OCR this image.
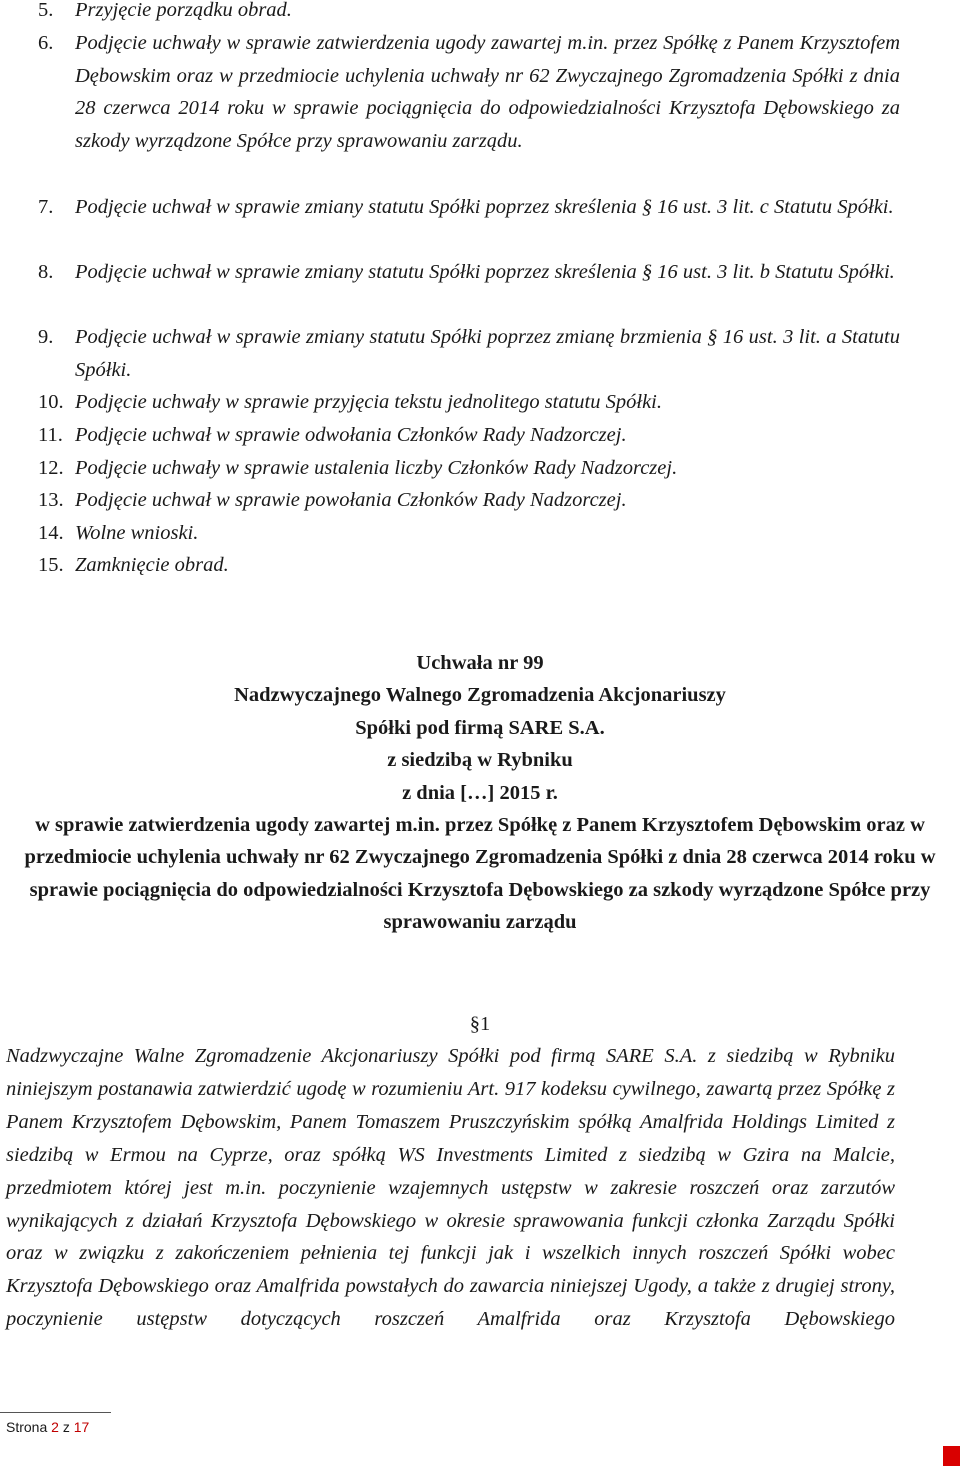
5.	Przyjęcie porządku obrad.
6.	Podjęcie uchwały w sprawie zatwierdzenia ugody zawartej m.in. przez Spółkę z Panem Krzysztofem Dębowskim oraz w przedmiocie uchylenia uchwały nr 62 Zwyczajnego Zgromadzenia Spółki z dnia 28 czerwca 2014 roku w sprawie pociągnięcia do odpowiedzialności Krzysztofa Dębowskiego za szkody wyrządzone Spółce przy sprawowaniu zarządu.
7.	Podjęcie uchwał w sprawie zmiany statutu Spółki poprzez skreślenia § 16 ust. 3 lit. c Statutu Spółki.
8.	Podjęcie uchwał w sprawie zmiany statutu Spółki poprzez skreślenia § 16 ust. 3 lit. b Statutu Spółki.
9.	Podjęcie uchwał w sprawie zmiany statutu Spółki poprzez zmianę brzmienia § 16 ust. 3 lit. a Statutu Spółki.
10. Podjęcie uchwały w sprawie przyjęcia tekstu jednolitego statutu Spółki.
11. Podjęcie uchwał w sprawie odwołania Członków Rady Nadzorczej.
12. Podjęcie uchwały w sprawie ustalenia liczby Członków Rady Nadzorczej.
13. Podjęcie uchwał w sprawie powołania Członków Rady Nadzorczej.
14. Wolne wnioski.
15. Zamknięcie obrad.
Uchwała nr 99
Nadzwyczajnego Walnego Zgromadzenia Akcjonariuszy
Spółki pod firmą SARE S.A.
z siedzibą w Rybniku
z dnia […] 2015 r.
w sprawie zatwierdzenia ugody zawartej m.in. przez Spółkę z Panem Krzysztofem Dębowskim oraz w przedmiocie uchylenia uchwały nr 62 Zwyczajnego Zgromadzenia Spółki z dnia 28 czerwca 2014 roku w sprawie pociągnięcia do odpowiedzialności Krzysztofa Dębowskiego za szkody wyrządzone Spółce przy sprawowaniu zarządu
§1
Nadzwyczajne Walne Zgromadzenie Akcjonariuszy Spółki pod firmą SARE S.A. z siedzibą w Rybniku niniejszym postanawia zatwierdzić ugodę w rozumieniu Art. 917 kodeksu cywilnego, zawartą przez Spółkę z Panem Krzysztofem Dębowskim, Panem Tomaszem Pruszczyńskim spółką Amalfrida Holdings Limited z siedzibą w Ermou na Cyprze, oraz spółką WS Investments Limited z siedzibą w Gzira na Malcie, przedmiotem której jest m.in. poczynienie wzajemnych ustępstw w zakresie roszczeń oraz zarzutów wynikających z działań Krzysztofa Dębowskiego w okresie sprawowania funkcji członka Zarządu Spółki oraz w związku z zakończeniem pełnienia tej funkcji jak i wszelkich innych roszczeń Spółki wobec Krzysztofa Dębowskiego oraz Amalfrida powstałych do zawarcia niniejszej Ugody, a także z drugiej strony, poczynienie ustępstw dotyczących roszczeń Amalfrida oraz Krzysztofa Dębowskiego
Strona 2 z 17
